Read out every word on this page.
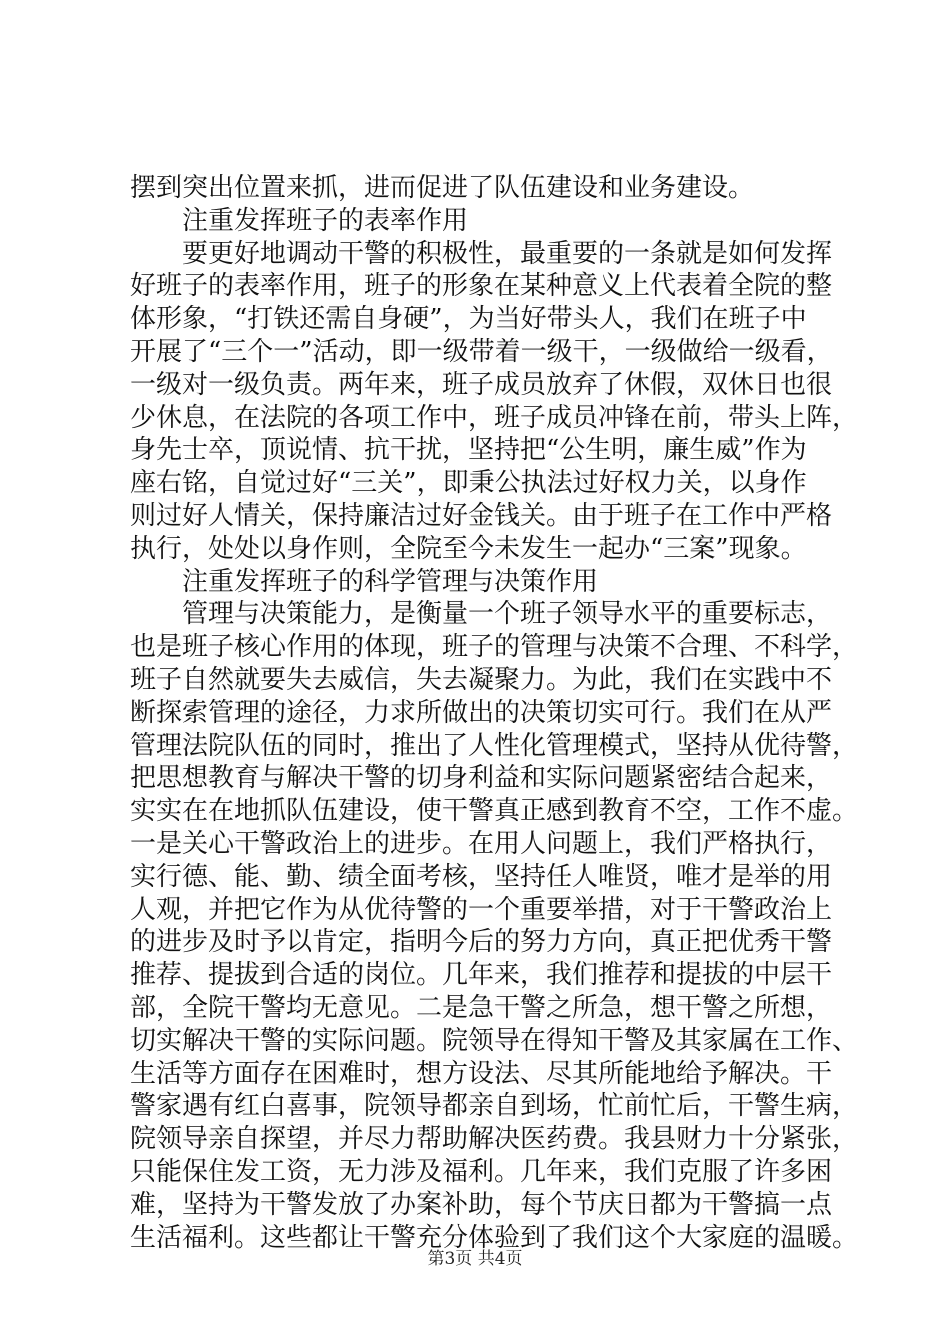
摆到突出位置来抓，进而促进了队伍建设和业务建设。
注重发挥班子的表率作用
要更好地调动干警的积极性，最重要的一条就是如何发挥
好班子的表率作用，班子的形象在某种意义上代表着全院的整
体形象，“打铁还需自身硬”，为当好带头人，我们在班子中
开展了“三个一”活动，即一级带着一级干，一级做给一级看，
一级对一级负责。两年来，班子成员放弃了休假，双休日也很
少休息，在法院的各项工作中，班子成员冲锋在前，带头上阵，
身先士卒，顶说情、抗干扰，坚持把“公生明，廉生威”作为
座右铭，自觉过好“三关”，即秉公执法过好权力关，以身作
则过好人情关，保持廉洁过好金钱关。由于班子在工作中严格
执行，处处以身作则，全院至今未发生一起办“三案”现象。
注重发挥班子的科学管理与决策作用
管理与决策能力，是衡量一个班子领导水平的重要标志，
也是班子核心作用的体现，班子的管理与决策不合理、不科学，
班子自然就要失去威信，失去凝聚力。为此，我们在实践中不
断探索管理的途径，力求所做出的决策切实可行。我们在从严
管理法院队伍的同时，推出了人性化管理模式，坚持从优待警，
把思想教育与解决干警的切身利益和实际问题紧密结合起来，
实实在在地抓队伍建设，使干警真正感到教育不空，工作不虚。
一是关心干警政治上的进步。在用人问题上，我们严格执行，
实行德、能、勤、绩全面考核，坚持任人唯贤，唯才是举的用
人观，并把它作为从优待警的一个重要举措，对于干警政治上
的进步及时予以肯定，指明今后的努力方向，真正把优秀干警
推荐、提拔到合适的岗位。几年来，我们推荐和提拔的中层干
部，全院干警均无意见。二是急干警之所急，想干警之所想，
切实解决干警的实际问题。院领导在得知干警及其家属在工作、
生活等方面存在困难时，想方设法、尽其所能地给予解决。干
警家遇有红白喜事，院领导都亲自到场，忙前忙后，干警生病，
院领导亲自探望，并尽力帮助解决医药费。我县财力十分紧张，
只能保住发工资，无力涉及福利。几年来，我们克服了许多困
难，坚持为干警发放了办案补助，每个节庆日都为干警搞一点
生活福利。这些都让干警充分体验到了我们这个大家庭的温暖。
第3页 共4页
